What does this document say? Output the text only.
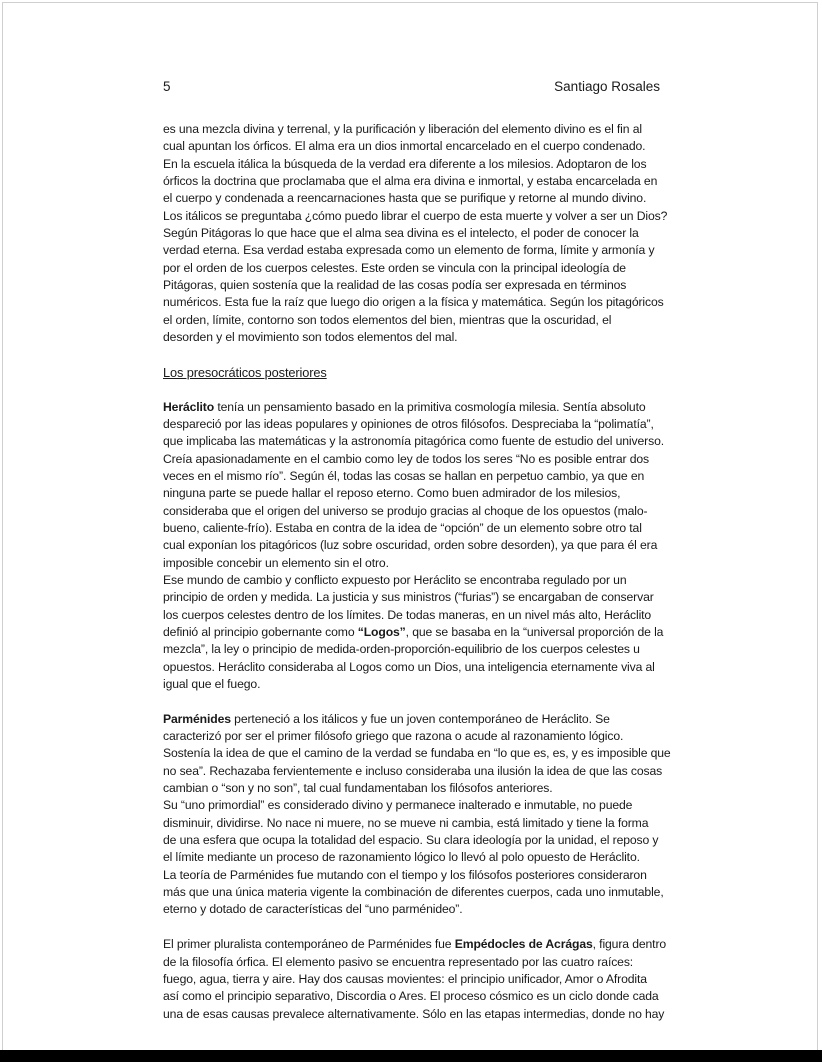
5	Santiago Rosales

es una mezcla divina y terrenal, y la purificación y liberación del elemento divino es el fin al
cual apuntan los órficos. El alma era un dios inmortal encarcelado en el cuerpo condenado.
En la escuela itálica la búsqueda de la verdad era diferente a los milesios. Adoptaron de los
órficos la doctrina que proclamaba que el alma era divina e inmortal, y estaba encarcelada en
el cuerpo y condenada a reencarnaciones hasta que se purifique y retorne al mundo divino.
Los itálicos se preguntaba ¿cómo puedo librar el cuerpo de esta muerte y volver a ser un Dios?
Según Pitágoras lo que hace que el alma sea divina es el intelecto, el poder de conocer la
verdad eterna. Esa verdad estaba expresada como un elemento de forma, límite y armonía y
por el orden de los cuerpos celestes. Este orden se vincula con la principal ideología de
Pitágoras, quien sostenía que la realidad de las cosas podía ser expresada en términos
numéricos. Esta fue la raíz que luego dio origen a la física y matemática. Según los pitagóricos
el orden, límite, contorno son todos elementos del bien, mientras que la oscuridad, el
desorden y el movimiento son todos elementos del mal.

Los presocráticos posteriores

Heráclito tenía un pensamiento basado en la primitiva cosmología milesia. Sentía absoluto
despareció por las ideas populares y opiniones de otros filósofos. Despreciaba la “polimatía”,
que implicaba las matemáticas y la astronomía pitagórica como fuente de estudio del universo.
Creía apasionadamente en el cambio como ley de todos los seres “No es posible entrar dos
veces en el mismo río”. Según él, todas las cosas se hallan en perpetuo cambio, ya que en
ninguna parte se puede hallar el reposo eterno. Como buen admirador de los milesios,
consideraba que el origen del universo se produjo gracias al choque de los opuestos (malo-
bueno, caliente-frío). Estaba en contra de la idea de “opción” de un elemento sobre otro tal
cual exponían los pitagóricos (luz sobre oscuridad, orden sobre desorden), ya que para él era
imposible concebir un elemento sin el otro.
Ese mundo de cambio y conflicto expuesto por Heráclito se encontraba regulado por un
principio de orden y medida. La justicia y sus ministros (“furias”) se encargaban de conservar
los cuerpos celestes dentro de los límites. De todas maneras, en un nivel más alto, Heráclito
definió al principio gobernante como “Logos”, que se basaba en la “universal proporción de la
mezcla”, la ley o principio de medida-orden-proporción-equilibrio de los cuerpos celestes u
opuestos. Heráclito consideraba al Logos como un Dios, una inteligencia eternamente viva al
igual que el fuego.

Parménides perteneció a los itálicos y fue un joven contemporáneo de Heráclito. Se
caracterizó por ser el primer filósofo griego que razona o acude al razonamiento lógico.
Sostenía la idea de que el camino de la verdad se fundaba en “lo que es, es, y es imposible que
no sea”. Rechazaba fervientemente e incluso consideraba una ilusión la idea de que las cosas
cambian o “son y no son”, tal cual fundamentaban los filósofos anteriores.
Su “uno primordial” es considerado divino y permanece inalterado e inmutable, no puede
disminuir, dividirse. No nace ni muere, no se mueve ni cambia, está limitado y tiene la forma
de una esfera que ocupa la totalidad del espacio. Su clara ideología por la unidad, el reposo y
el límite mediante un proceso de razonamiento lógico lo llevó al polo opuesto de Heráclito.
La teoría de Parménides fue mutando con el tiempo y los filósofos posteriores consideraron
más que una única materia vigente la combinación de diferentes cuerpos, cada uno inmutable,
eterno y dotado de características del “uno parménideo”.

El primer pluralista contemporáneo de Parménides fue Empédocles de Acrágas, figura dentro
de la filosofía órfica. El elemento pasivo se encuentra representado por las cuatro raíces:
fuego, agua, tierra y aire. Hay dos causas movientes: el principio unificador, Amor o Afrodita
así como el principio separativo, Discordia o Ares. El proceso cósmico es un ciclo donde cada
una de esas causas prevalece alternativamente. Sólo en las etapas intermedias, donde no hay
